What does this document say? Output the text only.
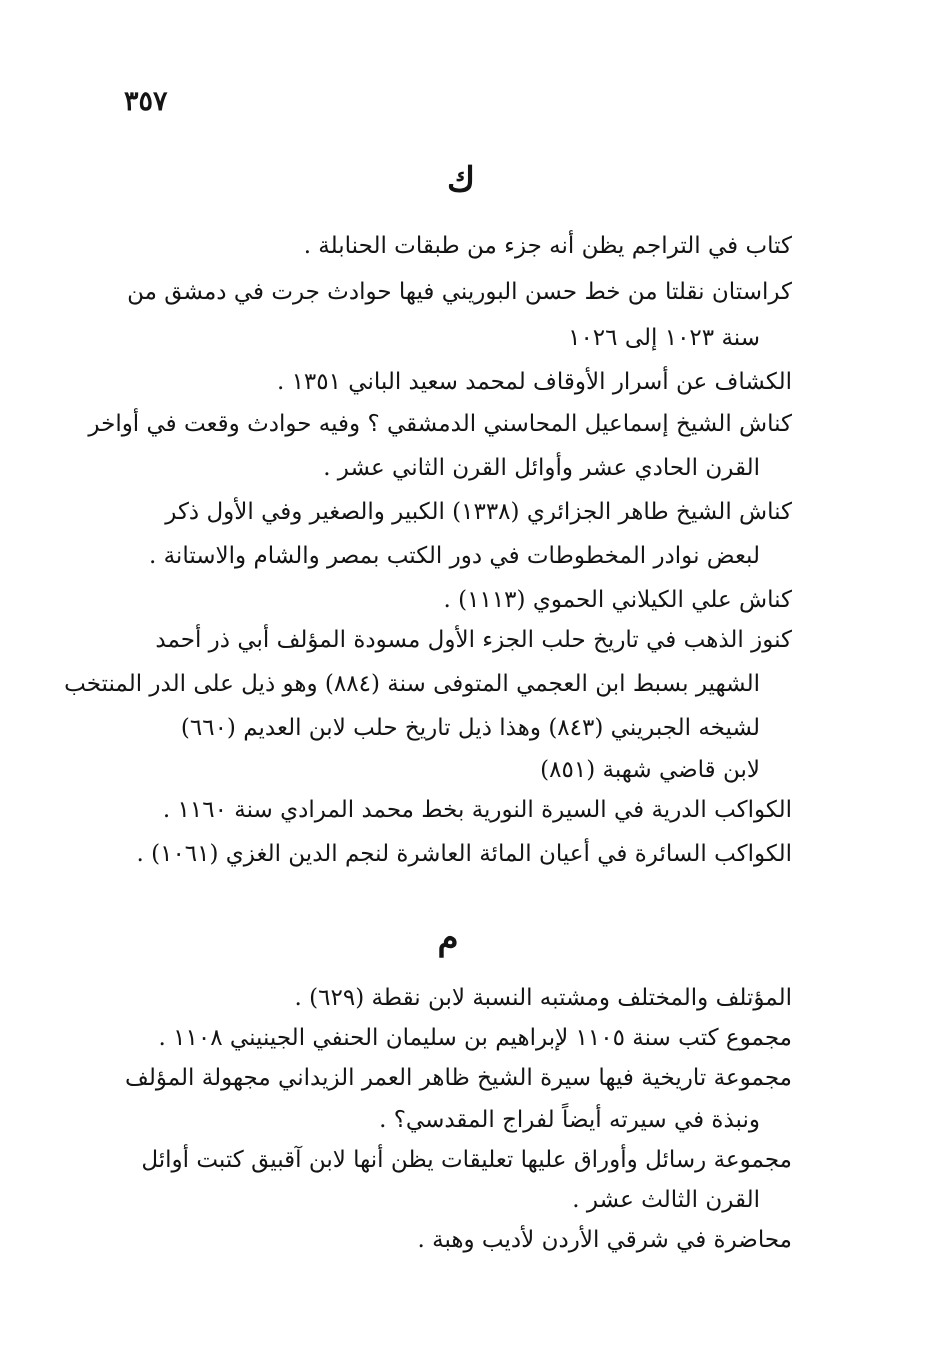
٣٥٧
ك
كتاب في التراجم يظن أنه جزء من طبقات الحنابلة .
كراستان نقلتا من خط حسن البوريني فيها حوادث جرت في دمشق من
سنة ١٠٢٣ إلى ١٠٢٦
الكشاف عن أسرار الأوقاف لمحمد سعيد الباني ١٣٥١ .
كناش الشيخ إسماعيل المحاسني الدمشقي ؟ وفيه حوادث وقعت في أواخر
القرن الحادي عشر وأوائل القرن الثاني عشر .
كناش الشيخ طاهر الجزائري (١٣٣٨) الكبير والصغير وفي الأول ذكر
لبعض نوادر المخطوطات في دور الكتب بمصر والشام والاستانة .
كناش علي الكيلاني الحموي (١١١٣) .
كنوز الذهب في تاريخ حلب الجزء الأول مسودة المؤلف أبي ذر أحمد
الشهير بسبط ابن العجمي المتوفى سنة (٨٨٤) وهو ذيل على الدر المنتخب
لشيخه الجبريني (٨٤٣) وهذا ذيل تاريخ حلب لابن العديم (٦٦٠)
لابن قاضي شهبة (٨٥١)
الكواكب الدرية في السيرة النورية بخط محمد المرادي سنة ١١٦٠ .
الكواكب السائرة في أعيان المائة العاشرة لنجم الدين الغزي (١٠٦١) .
م
المؤتلف والمختلف ومشتبه النسبة لابن نقطة (٦٢٩) .
مجموع كتب سنة ١١٠٥ لإبراهيم بن سليمان الحنفي الجينيني ١١٠٨ .
مجموعة تاريخية فيها سيرة الشيخ ظاهر العمر الزيداني مجهولة المؤلف
ونبذة في سيرته أيضاً لفراج المقدسي؟ .
مجموعة رسائل وأوراق عليها تعليقات يظن أنها لابن آقبيق كتبت أوائل
القرن الثالث عشر .
محاضرة في شرقي الأردن لأديب وهبة .
